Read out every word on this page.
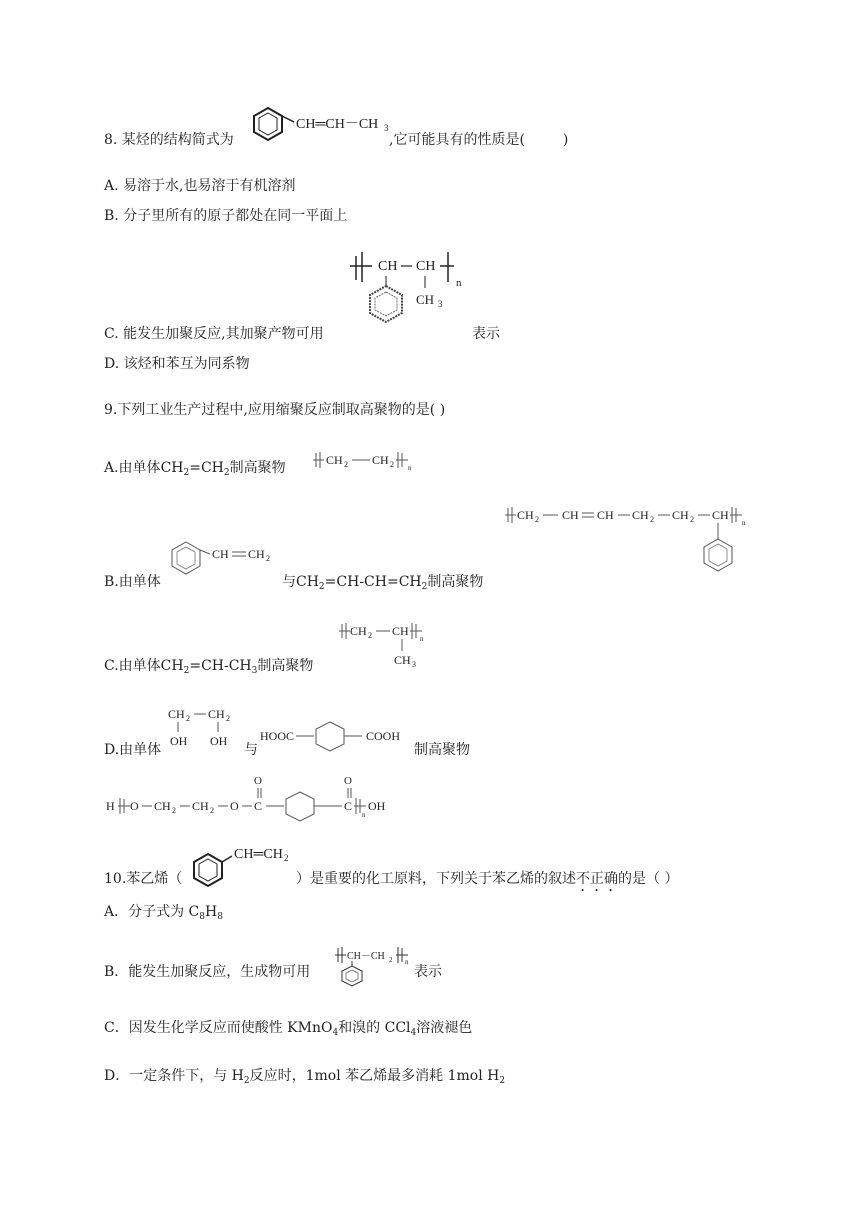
CH═CH－CH 3
8. 某烃的结构简式为	,它可能具有的性质是(	)
A. 易溶于水,也易溶于有机溶剂
B. 分子里所有的原子都处在同一平面上
CH CH
n
CH 3
C. 能发生加聚反应,其加聚产物可用	表示
D. 该烃和苯互为同系物
9.下列工业生产过程中,应用缩聚反应制取高聚物的是( )
A.由单体$CH_2=CH_2$制高聚物	CH 2 CH 2 n
CH 2 CH CH CH 2 CH 2 CH
n
CH CH 2
B.由单体	与$CH_2=CH-CH=CH_2$制高聚物
CH 2 CH
n
CH 3
C.由单体$CH_2=CH-CH_3$制高聚物
CH 2 CH 2
OH OH	HOOC	COOH
D.由单体	与	制高聚物
H O CH 2 CH 2 O C
O
C
O
n
OH
CH═CH 2
10.苯乙烯（	）是重要的化工原料，下列关于苯乙烯的叙述不正确的是（ ）
A．分子式为 $C_8H_8$
CH－CH 2 n
B．能发生加聚反应，生成物可用	表示
C．因发生化学反应而使酸性 KMnO$_4$和溴的 CCl$_4$溶液褪色
D．一定条件下，与 $H_2$反应时，1mol 苯乙烯最多消耗 1mol $H_2$
